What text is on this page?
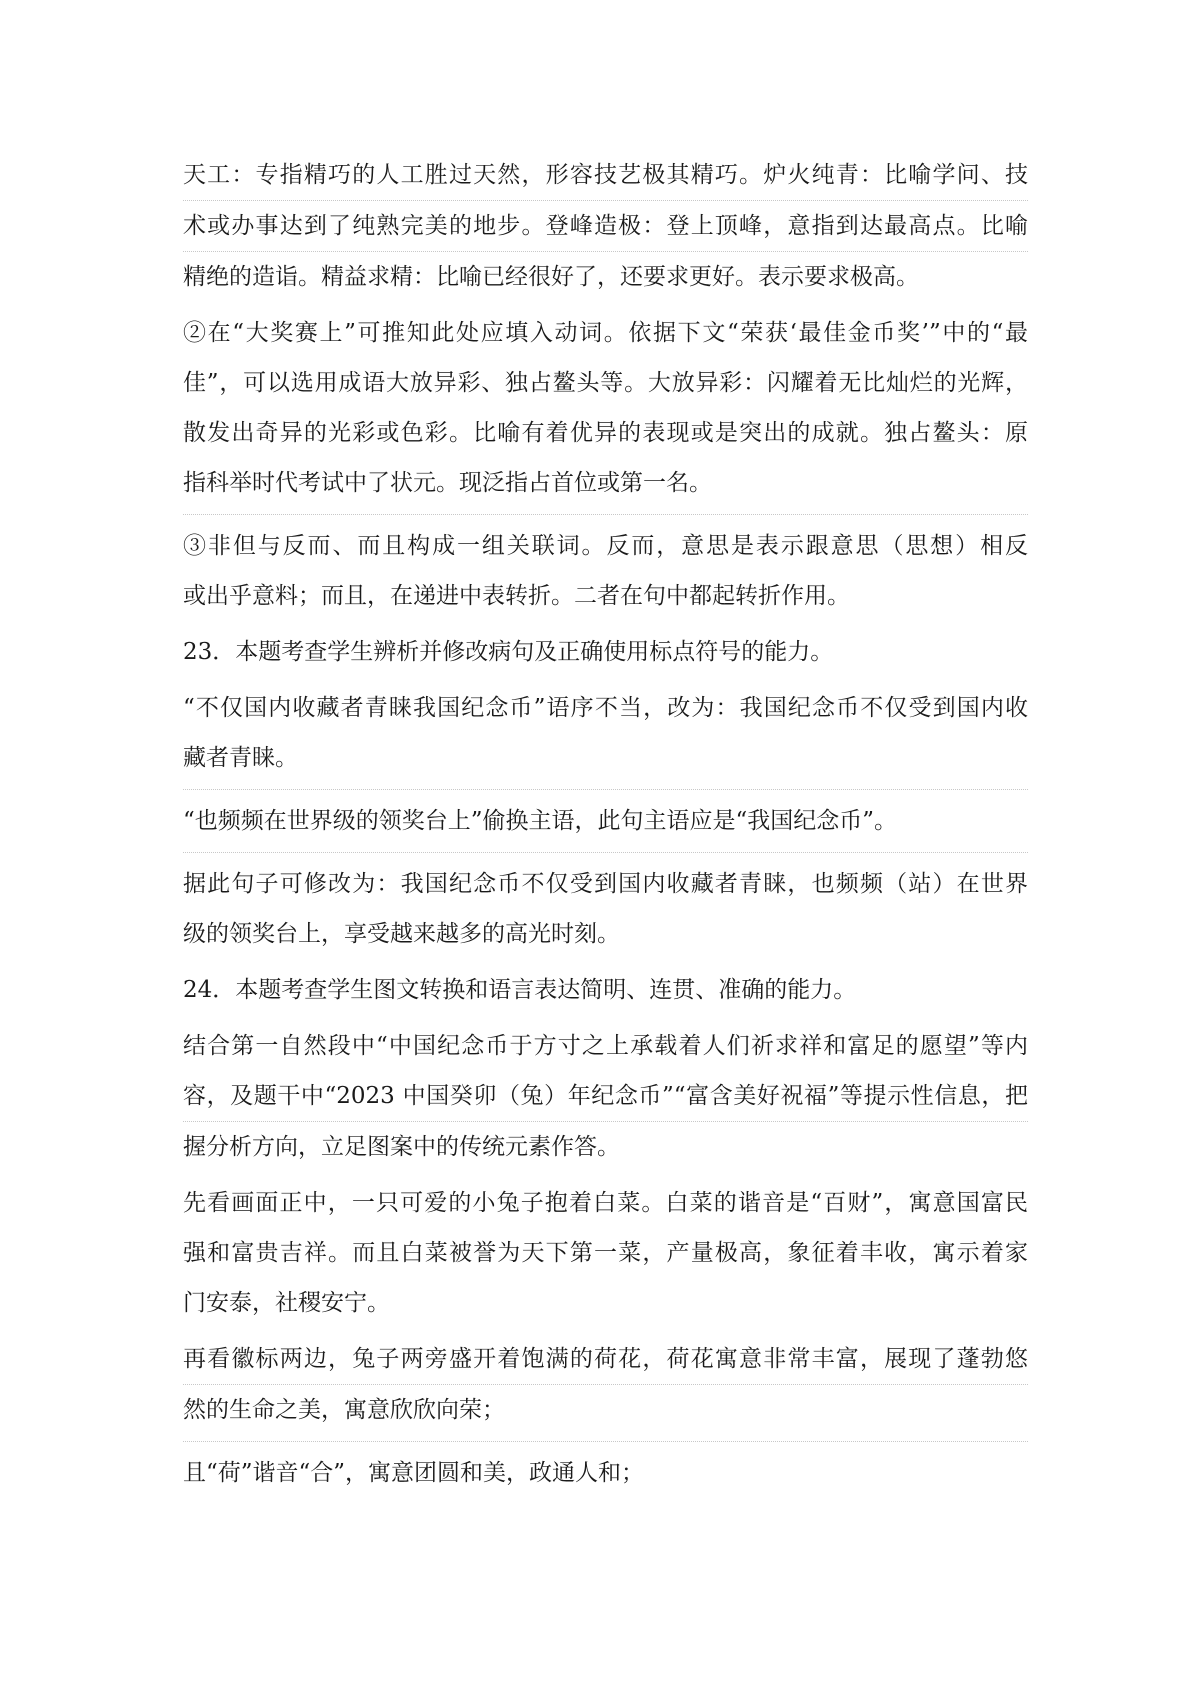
天工：专指精巧的人工胜过天然，形容技艺极其精巧。炉火纯青：比喻学问、技
术或办事达到了纯熟完美的地步。登峰造极：登上顶峰，意指到达最高点。比喻
精绝的造诣。精益求精：比喻已经很好了，还要求更好。表示要求极高。
②在“大奖赛上”可推知此处应填入动词。依据下文“荣获‘最佳金币奖’”中的“最
佳”，可以选用成语大放异彩、独占鳌头等。大放异彩：闪耀着无比灿烂的光辉，
散发出奇异的光彩或色彩。比喻有着优异的表现或是突出的成就。独占鳌头：原
指科举时代考试中了状元。现泛指占首位或第一名。
③非但与反而、而且构成一组关联词。反而，意思是表示跟意思（思想）相反
或出乎意料；而且，在递进中表转折。二者在句中都起转折作用。
23．本题考查学生辨析并修改病句及正确使用标点符号的能力。
“不仅国内收藏者青睐我国纪念币”语序不当，改为：我国纪念币不仅受到国内收
藏者青睐。
“也频频在世界级的领奖台上”偷换主语，此句主语应是“我国纪念币”。
据此句子可修改为：我国纪念币不仅受到国内收藏者青睐，也频频（站）在世界
级的领奖台上，享受越来越多的高光时刻。
24．本题考查学生图文转换和语言表达简明、连贯、准确的能力。
结合第一自然段中“中国纪念币于方寸之上承载着人们祈求祥和富足的愿望”等内
容，及题干中“2023 中国癸卯（兔）年纪念币”“富含美好祝福”等提示性信息，把
握分析方向，立足图案中的传统元素作答。
先看画面正中，一只可爱的小兔子抱着白菜。白菜的谐音是“百财”，寓意国富民
强和富贵吉祥。而且白菜被誉为天下第一菜，产量极高，象征着丰收，寓示着家
门安泰，社稷安宁。
再看徽标两边，兔子两旁盛开着饱满的荷花，荷花寓意非常丰富，展现了蓬勃悠
然的生命之美，寓意欣欣向荣；
且“荷”谐音“合”，寓意团圆和美，政通人和；
